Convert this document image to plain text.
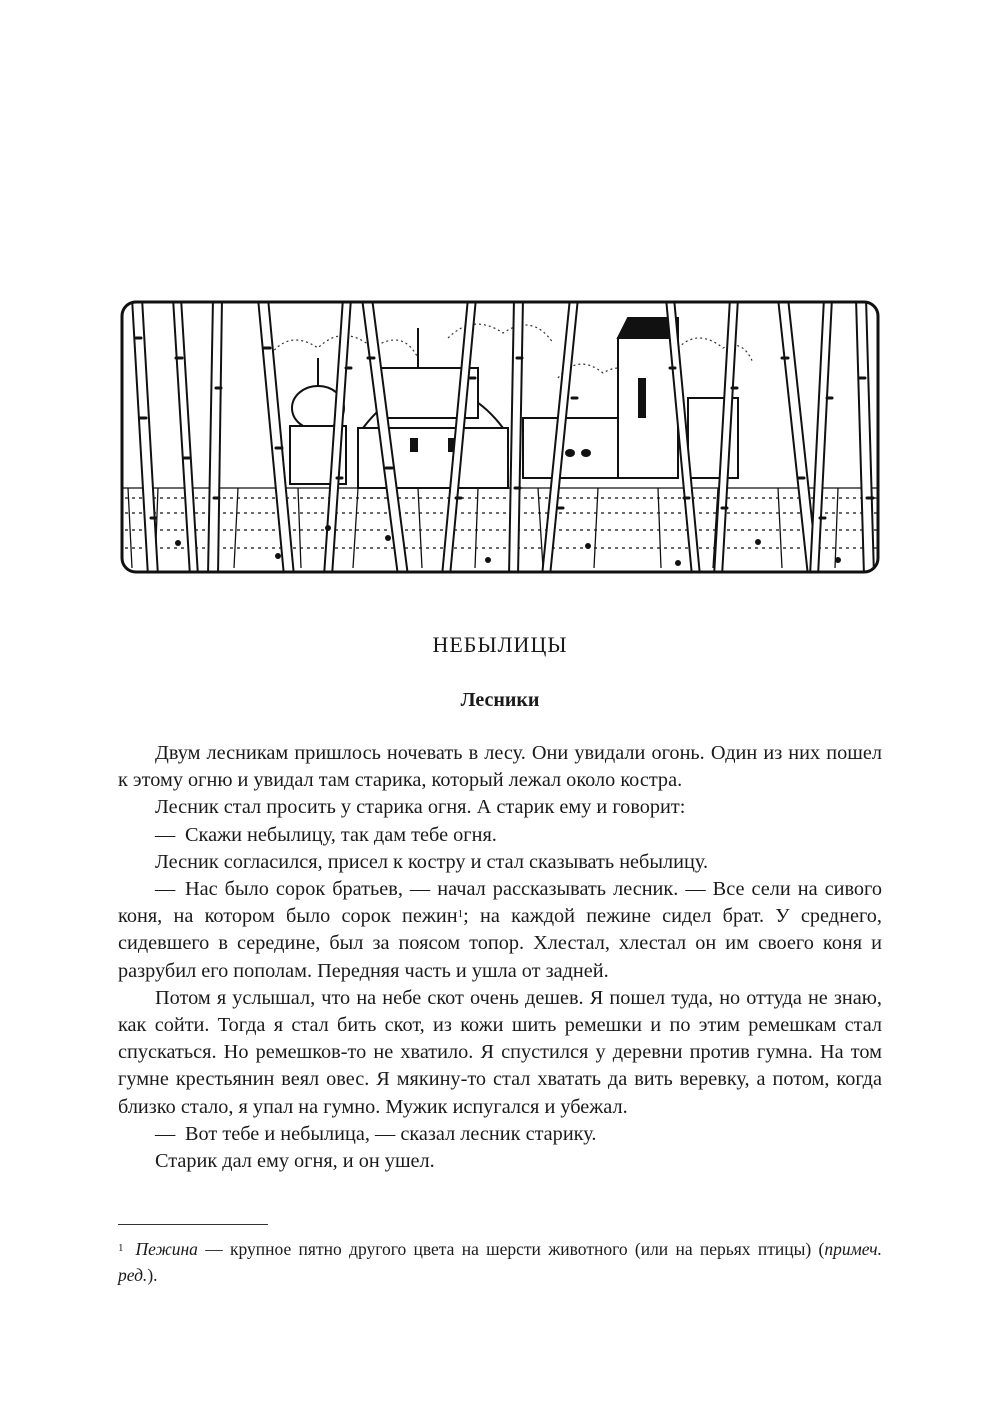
НЕБЫЛИЦЫ
Лесники

Двум лесникам пришлось ночевать в лесу. Они увидали огонь. Один из них пошел к этому огню и увидал там старика, который лежал около костра.

Лесник стал просить у старика огня. А старик ему и говорит:

— Скажи небылицу, так дам тебе огня.

Лесник согласился, присел к костру и стал сказывать небылицу.

— Нас было сорок братьев, — начал рассказывать лесник. — Все сели на сивого коня, на котором было сорок пежин$^1$; на каждой пежине сидел брат. У среднего, сидевшего в середине, был за поясом топор. Хлестал, хлестал он им своего коня и разрубил его пополам. Передняя часть и ушла от задней.

Потом я услышал, что на небе скот очень дешев. Я пошел туда, но оттуда не знаю, как сойти. Тогда я стал бить скот, из кожи шить ремешки и по этим ремешкам стал спускаться. Но ремешков-то не хватило. Я спустился у деревни против гумна. На том гумне крестьянин веял овес. Я мякину-то стал хватать да вить веревку, а потом, когда близко стало, я упал на гумно. Мужик испугался и убежал.

— Вот тебе и небылица, — сказал лесник старику.

Старик дал ему огня, и он ушел.

$^1$ Пежина — крупное пятно другого цвета на шерсти животного (или на перьях птицы) (примеч. ред.).
